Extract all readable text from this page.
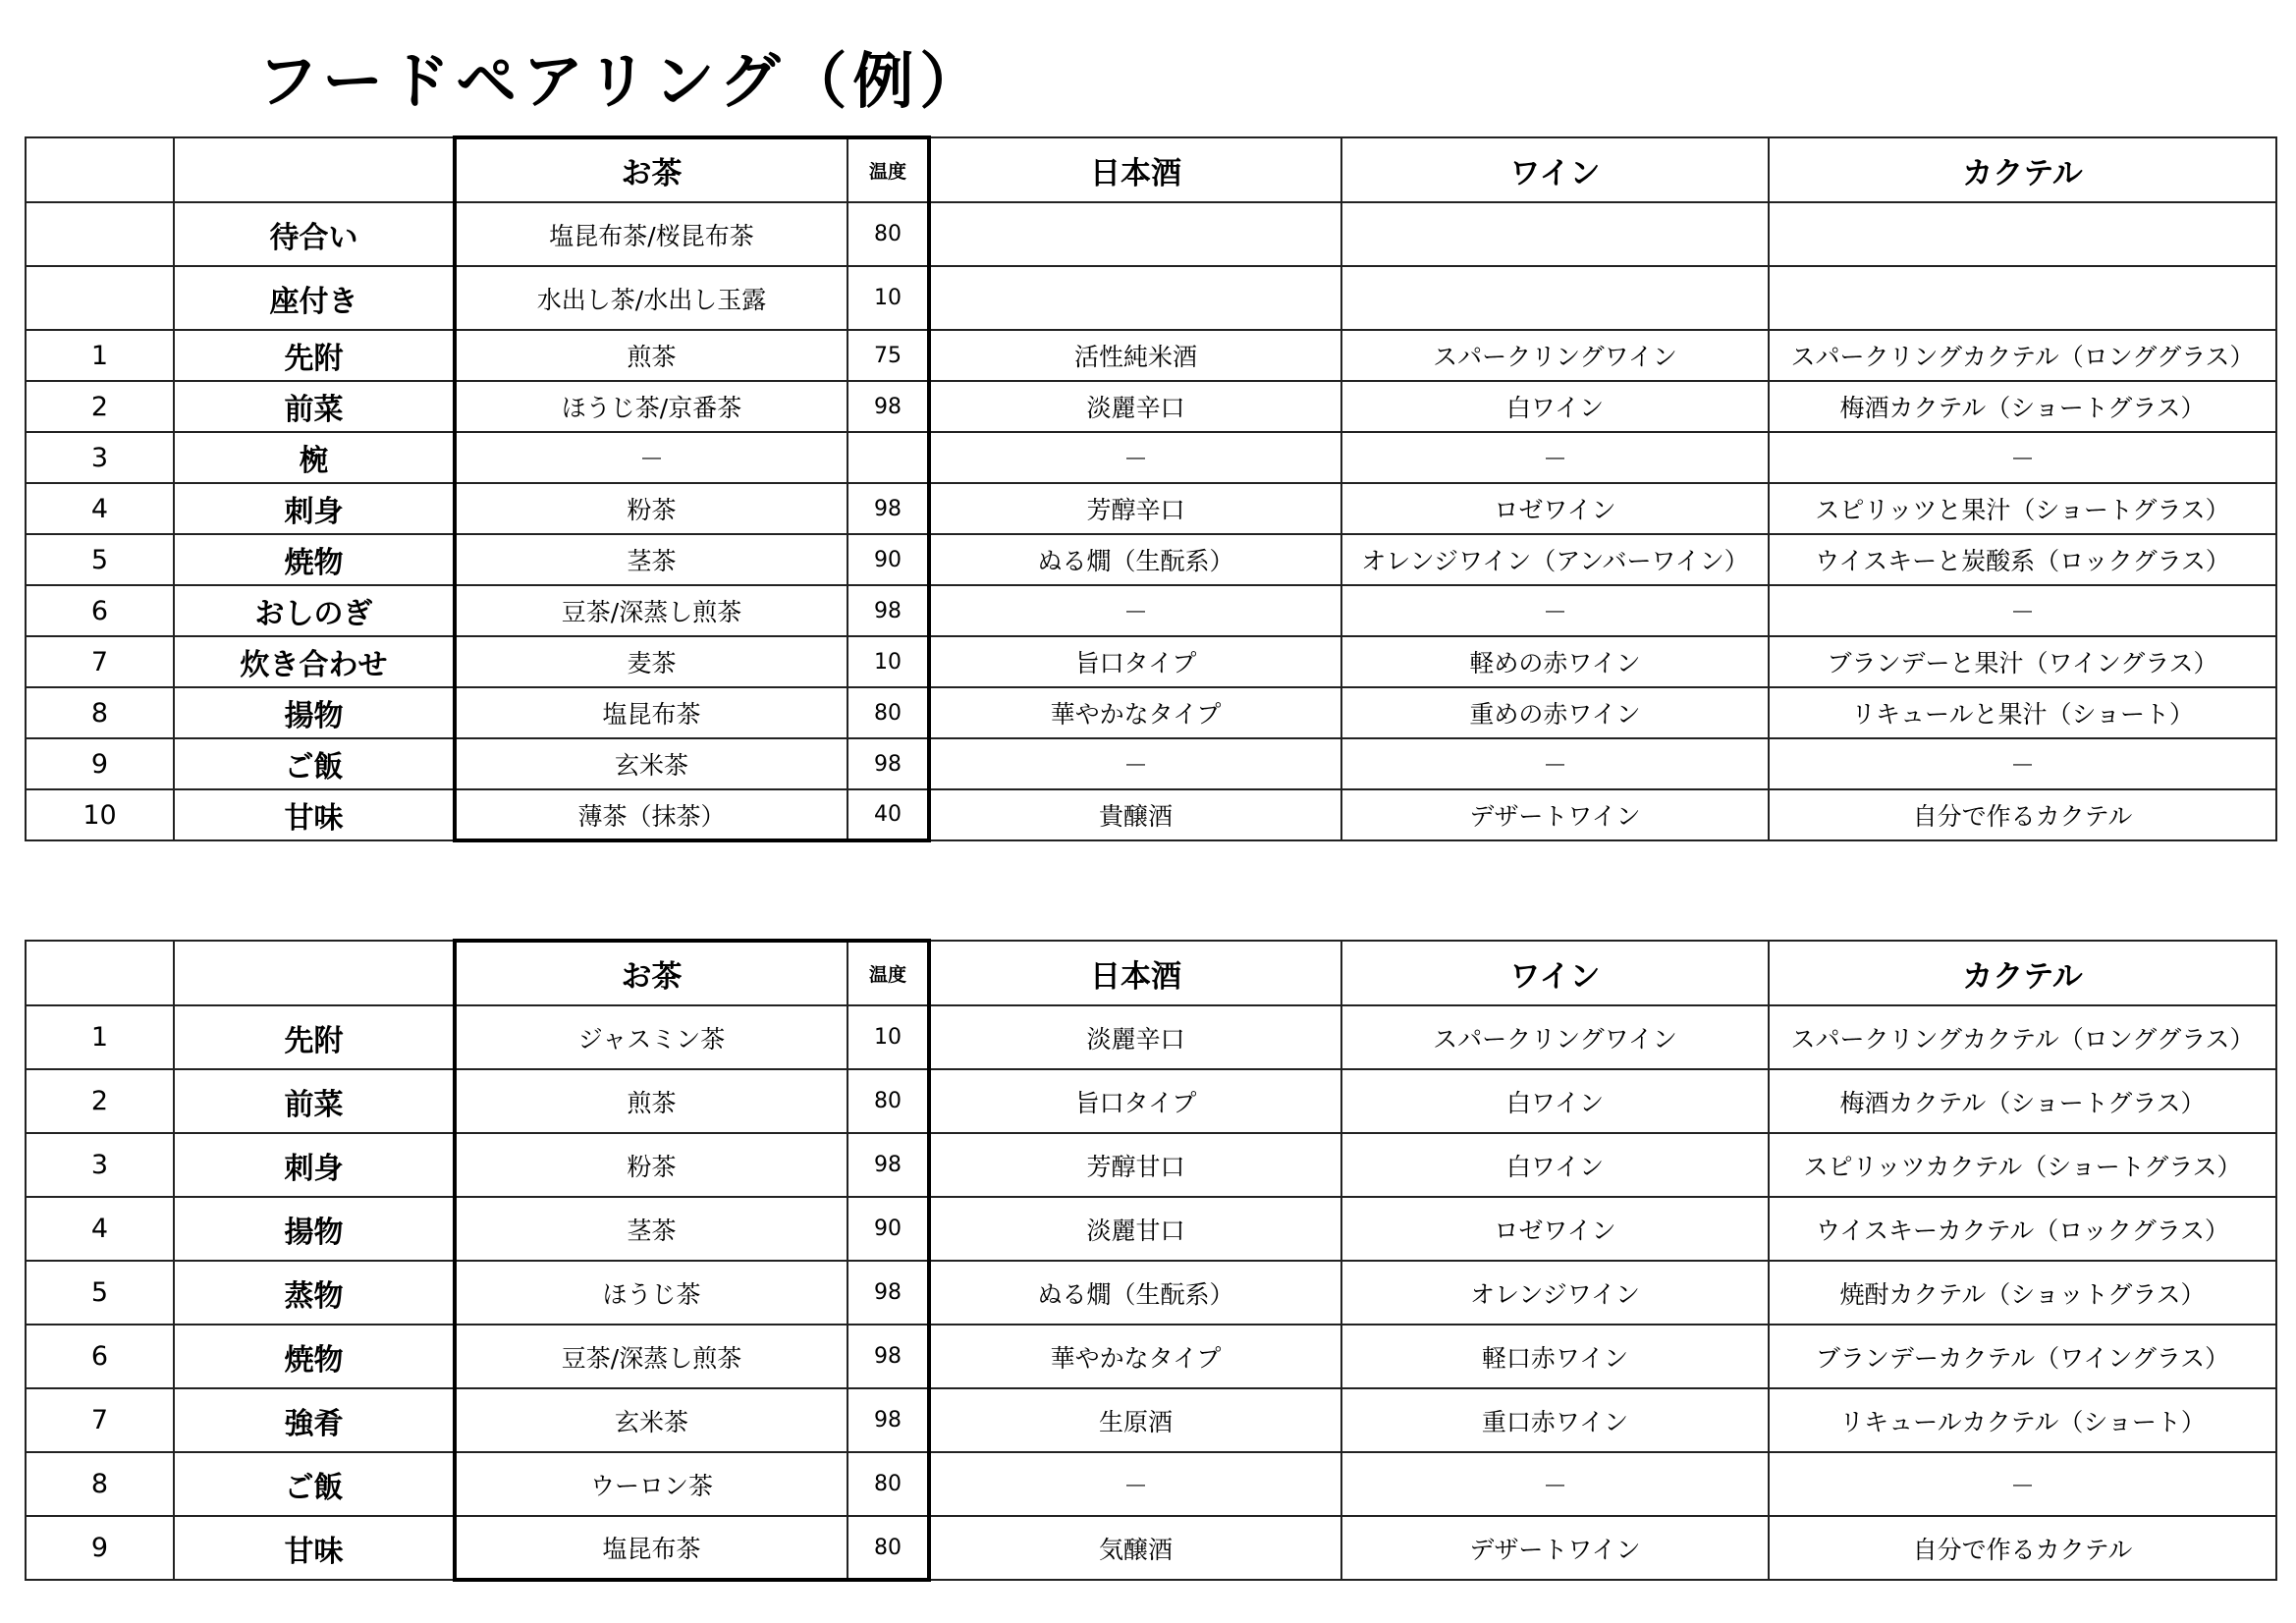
フードペアリング（例）
		お茶	温度	日本酒	ワイン	カクテル
	待合い	塩昆布茶/桜昆布茶	80			
	座付き	水出し茶/水出し玉露	10			
1	先附	煎茶	75	活性純米酒	スパークリングワイン	スパークリングカクテル（ロンググラス）
2	前菜	ほうじ茶/京番茶	98	淡麗辛口	白ワイン	梅酒カクテル（ショートグラス）
3	椀	－		－	－	－
4	刺身	粉茶	98	芳醇辛口	ロゼワイン	スピリッツと果汁（ショートグラス）
5	焼物	茎茶	90	ぬる燗（生酛系）	オレンジワイン（アンバーワイン）	ウイスキーと炭酸系（ロックグラス）
6	おしのぎ	豆茶/深蒸し煎茶	98	－	－	－
7	炊き合わせ	麦茶	10	旨口タイプ	軽めの赤ワイン	ブランデーと果汁（ワイングラス）
8	揚物	塩昆布茶	80	華やかなタイプ	重めの赤ワイン	リキュールと果汁（ショート）
9	ご飯	玄米茶	98	－	－	－
10	甘味	薄茶（抹茶）	40	貴醸酒	デザートワイン	自分で作るカクテル
		お茶	温度	日本酒	ワイン	カクテル
1	先附	ジャスミン茶	10	淡麗辛口	スパークリングワイン	スパークリングカクテル（ロンググラス）
2	前菜	煎茶	80	旨口タイプ	白ワイン	梅酒カクテル（ショートグラス）
3	刺身	粉茶	98	芳醇甘口	白ワイン	スピリッツカクテル（ショートグラス）
4	揚物	茎茶	90	淡麗甘口	ロゼワイン	ウイスキーカクテル（ロックグラス）
5	蒸物	ほうじ茶	98	ぬる燗（生酛系）	オレンジワイン	焼酎カクテル（ショットグラス）
6	焼物	豆茶/深蒸し煎茶	98	華やかなタイプ	軽口赤ワイン	ブランデーカクテル（ワイングラス）
7	強肴	玄米茶	98	生原酒	重口赤ワイン	リキュールカクテル（ショート）
8	ご飯	ウーロン茶	80	－	－	－
9	甘味	塩昆布茶	80	気醸酒	デザートワイン	自分で作るカクテル
